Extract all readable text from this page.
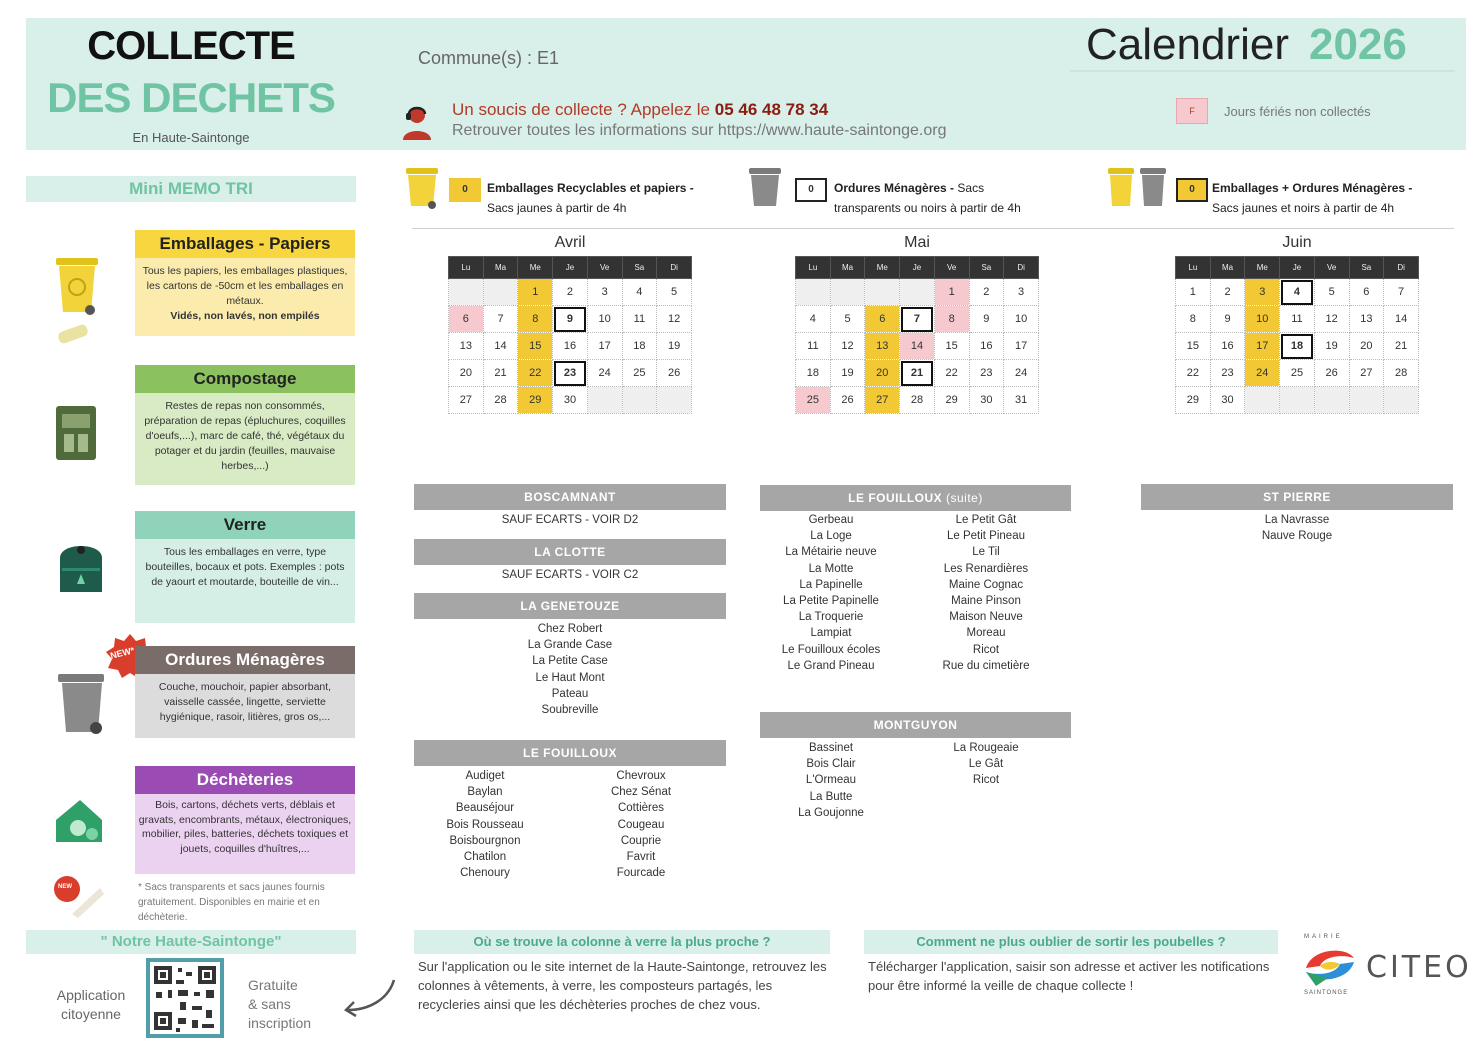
COLLECTE
DES DECHETS
En Haute-Saintonge
Commune(s) : E1	Calendrier 2026
Un soucis de collecte ? Appelez le 05 46 48 78 34
Retrouver toutes les informations sur https://www.haute-saintonge.org
F	Jours fériés non collectés
Mini MEMO TRI
NEW*
NEW
Emballages - Papiers
Tous les papiers, les emballages plastiques, les cartons de -50cm et les emballages en métaux.
Vidés, non lavés, non empilés
Compostage
Restes de repas non consommés, préparation de repas (épluchures, coquilles d'oeufs,...), marc de café, thé, végétaux du potager et du jardin (feuilles, mauvaise herbes,...)
Verre
Tous les emballages en verre, type bouteilles, bocaux et pots. Exemples : pots de yaourt et moutarde, bouteille de vin...
Ordures Ménagères
Couche, mouchoir, papier absorbant, vaisselle cassée, lingette, serviette hygiénique, rasoir, litières, gros os,...
Déchèteries
Bois, cartons, déchets verts, déblais et gravats, encombrants, métaux, électroniques, mobilier, piles, batteries, déchets toxiques et jouets, coquilles d'huîtres,...
* Sacs transparents et sacs jaunes fournis gratuitement. Disponibles en mairie et en déchèterie.
0	Emballages Recyclables et papiers -
Sacs jaunes à partir de 4h
0	Ordures Ménagères - Sacs
transparents ou noirs à partir de 4h
0	Emballages + Ordures Ménagères -
Sacs jaunes et noirs à partir de 4h
Avril
Lu	Ma	Me	Je	Ve	Sa	Di
		1	2	3	4	5
6	7	8	9	10	11	12
13	14	15	16	17	18	19
20	21	22	23	24	25	26
27	28	29	30			
Mai
Lu	Ma	Me	Je	Ve	Sa	Di
				1	2	3
4	5	6	7	8	9	10
11	12	13	14	15	16	17
18	19	20	21	22	23	24
25	26	27	28	29	30	31
Juin
Lu	Ma	Me	Je	Ve	Sa	Di
1	2	3	4	5	6	7
8	9	10	11	12	13	14
15	16	17	18	19	20	21
22	23	24	25	26	27	28
29	30					
BOSCAMNANT
SAUF ECARTS - VOIR D2
LA CLOTTE
SAUF ECARTS - VOIR C2
LA GENETOUZE
Chez Robert
La Grande Case
La Petite Case
Le Haut Mont
Pateau
Soubreville
LE FOUILLOUX
Audiget
Baylan
Beauséjour
Bois Rousseau
Boisbourgnon
Chatilon
Chenoury
Chevroux
Chez Sénat
Cottières
Cougeau
Couprie
Favrit
Fourcade
LE FOUILLOUX (suite)
Gerbeau
La Loge
La Métairie neuve
La Motte
La Papinelle
La Petite Papinelle
La Troquerie
Lampiat
Le Fouilloux écoles
Le Grand Pineau
Le Petit Gât
Le Petit Pineau
Le Til
Les Renardières
Maine Cognac
Maine Pinson
Maison Neuve
Moreau
Ricot
Rue du cimetière
MONTGUYON
Bassinet
Bois Clair
L'Ormeau
La Butte
La Goujonne
La Rougeaie
Le Gât
Ricot
ST PIERRE
La Navrasse
Nauve Rouge
" Notre Haute-Saintonge"
Application
citoyenne
Gratuite
& sans
inscription
Où se trouve la colonne à verre la plus proche ?
Sur l'application ou le site internet de la Haute-Saintonge, retrouvez les colonnes à vêtements, à verre, les composteurs partagés, les recycleries ainsi que les déchèteries proches de chez vous.
Comment ne plus oublier de sortir les poubelles ?
Télécharger l'application, saisir son adresse et activer les notifications pour être informé la veille de chaque collecte !
MAIRIE
SAINTONGE
CITEO
